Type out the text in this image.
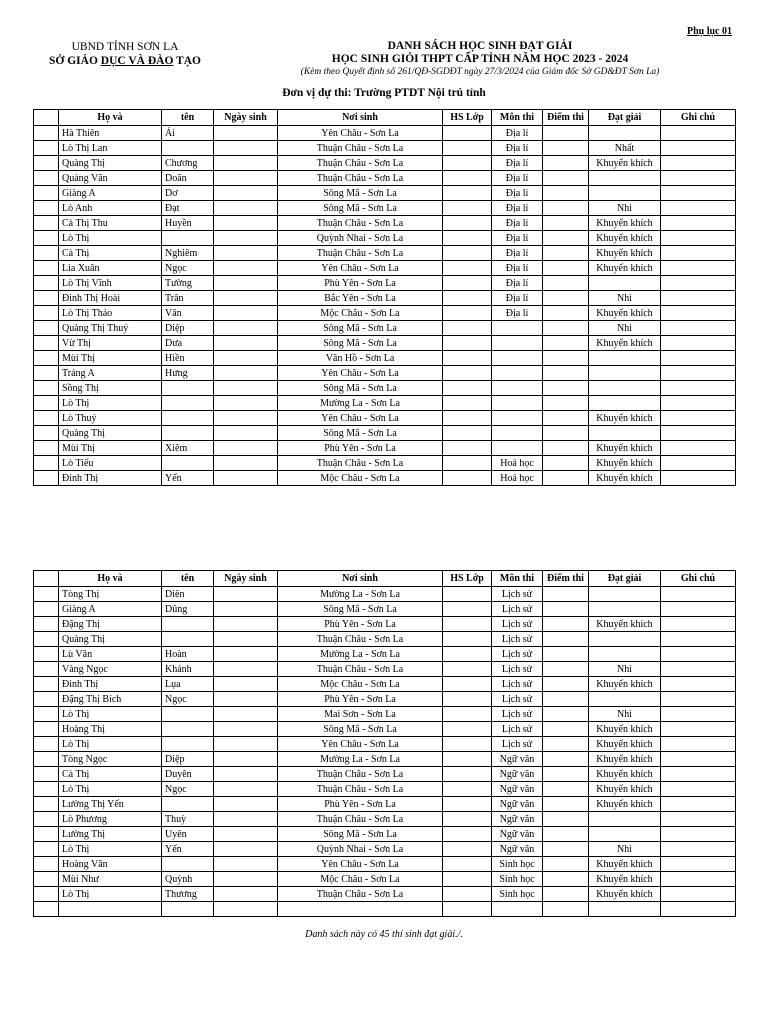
Phụ lục 01
UBND TỈNH SƠN LA
SỞ GIÁO DỤC VÀ ĐÀO TẠO
DANH SÁCH HỌC SINH ĐẠT GIẢI
HỌC SINH GIỎI THPT CẤP TỈNH NĂM HỌC 2023 - 2024
(Kèm theo Quyết định số 261/QĐ-SGDĐT ngày 27/3/2024 của Giám đốc Sở GD&ĐT Sơn La)
Đơn vị dự thi: Trường PTDT Nội trú tỉnh
	Họ và	tên	Ngày sinh	Nơi sinh	HS Lớp	Môn thi	Điểm thi	Đạt giải	Ghi chú
	Hà Thiên	Ái		Yên Châu - Sơn La		Địa lí			
	Lò Thị Lan			Thuận Châu - Sơn La		Địa lí		Nhất	
	Quàng Thị	Chương		Thuận Châu - Sơn La		Địa lí		Khuyến khích	
	Quàng Văn	Doãn		Thuận Châu - Sơn La		Địa lí			
	Giàng A	Dơ		Sông Mã - Sơn La		Địa lí			
	Lò Anh	Đạt		Sông Mã - Sơn La		Địa lí		Nhì	
	Cà Thị Thu	Huyền		Thuận Châu - Sơn La		Địa lí		Khuyến khích	
	Lò Thị			Quỳnh Nhai - Sơn La		Địa lí		Khuyến khích	
	Cà Thị	Nghiêm		Thuận Châu - Sơn La		Địa lí		Khuyến khích	
	Lìa Xuân	Ngọc		Yên Châu - Sơn La		Địa lí		Khuyến khích	
	Lò Thị Vĩnh	Tường		Phù Yên - Sơn La		Địa lí			
	Đinh Thị Hoài	Trân		Bắc Yên - Sơn La		Địa lí		Nhì	
	Lò Thị Thảo	Vân		Mộc Châu - Sơn La		Địa lí		Khuyến khích	
	Quàng Thị Thuý	Diệp		Sông Mã - Sơn La				Nhì	
	Vừ Thị	Dưa		Sông Mã - Sơn La				Khuyến khích	
	Mùi Thị	Hiền		Vân Hồ - Sơn La					
	Tráng A	Hưng		Yên Châu - Sơn La					
	Sồng Thị			Sông Mã - Sơn La					
	Lò Thị			Mường La - Sơn La					
	Lò Thuý			Yên Châu - Sơn La				Khuyến khích	
	Quàng Thị			Sông Mã - Sơn La					
	Mùi Thị	Xiêm		Phù Yên - Sơn La				Khuyến khích	
	Lò Tiểu			Thuận Châu - Sơn La		Hoá học		Khuyến khích	
	Đinh Thị	Yến		Mộc Châu - Sơn La		Hoá học		Khuyến khích	
	Họ và	tên	Ngày sinh	Nơi sinh	HS Lớp	Môn thi	Điểm thi	Đạt giải	Ghi chú
	Tòng Thị	Diên		Mường La - Sơn La		Lịch sử			
	Giàng A	Dũng		Sông Mã - Sơn La		Lịch sử			
	Đặng Thị			Phù Yên - Sơn La		Lịch sử		Khuyến khích	
	Quàng Thị			Thuận Châu - Sơn La		Lịch sử			
	Lù Văn	Hoàn		Mường La - Sơn La		Lịch sử			
	Vàng Ngọc	Khánh		Thuận Châu - Sơn La		Lịch sử		Nhì	
	Đinh Thị	Lụa		Mộc Châu - Sơn La		Lịch sử		Khuyến khích	
	Đặng Thị Bích	Ngọc		Phù Yên - Sơn La		Lịch sử			
	Lò Thị			Mai Sơn - Sơn La		Lịch sử		Nhì	
	Hoàng Thị			Sông Mã - Sơn La		Lịch sử		Khuyến khích	
	Lò Thị			Yên Châu - Sơn La		Lịch sử		Khuyến khích	
	Tòng Ngọc	Diệp		Mường La - Sơn La		Ngữ văn		Khuyến khích	
	Cà Thị	Duyên		Thuận Châu - Sơn La		Ngữ văn		Khuyến khích	
	Lò Thị	Ngọc		Thuận Châu - Sơn La		Ngữ văn		Khuyến khích	
	Lường Thị Yến			Phù Yên - Sơn La		Ngữ văn		Khuyến khích	
	Lò Phương	Thuỳ		Thuận Châu - Sơn La		Ngữ văn			
	Lường Thị	Uyên		Sông Mã - Sơn La		Ngữ văn			
	Lò Thị	Yến		Quỳnh Nhai - Sơn La		Ngữ văn		Nhì	
	Hoàng Văn			Yên Châu - Sơn La		Sinh học		Khuyến khích	
	Mùi Như	Quỳnh		Mộc Châu - Sơn La		Sinh học		Khuyến khích	
	Lò Thị	Thương		Thuận Châu - Sơn La		Sinh học		Khuyến khích	

Danh sách này có 45 thí sinh đạt giải./.
